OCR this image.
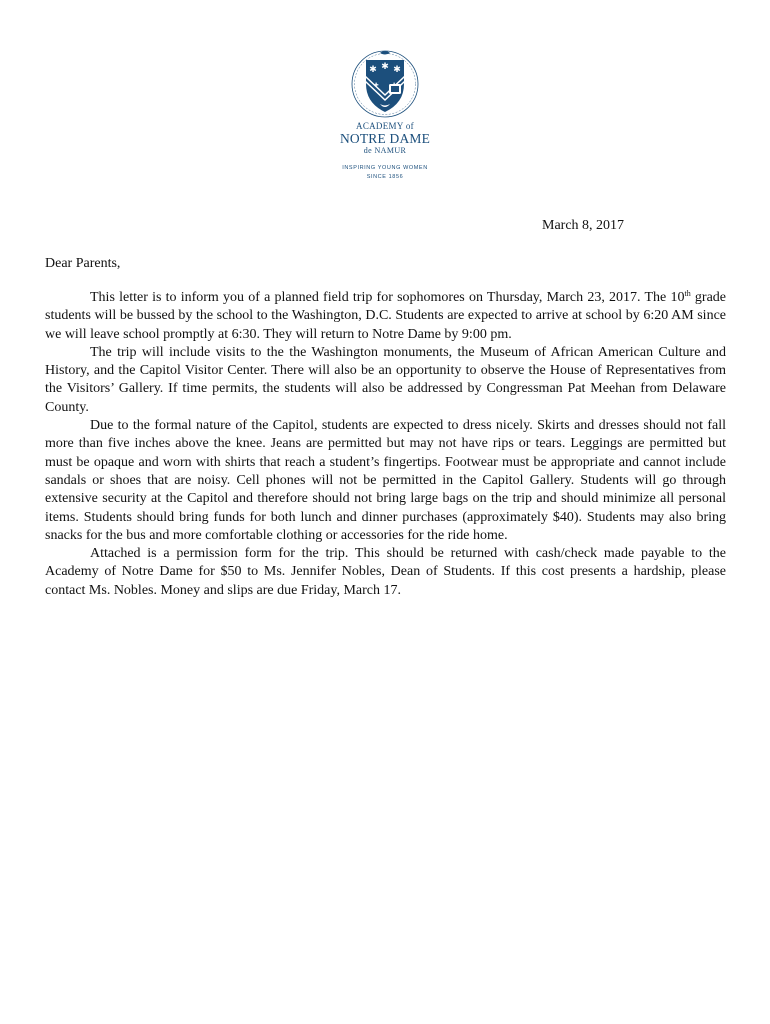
✱ ✱ ✱
✚
ACADEMY of
NOTRE DAME
de NAMUR
INSPIRING YOUNG WOMEN
SINCE 1856
March 8, 2017
Dear Parents,

This letter is to inform you of a planned field trip for sophomores on Thursday, March 23, 2017. The 10th grade students will be bussed by the school to the Washington, D.C. Students are expected to arrive at school by 6:20 AM since we will leave school promptly at 6:30. They will return to Notre Dame by 9:00 pm.

The trip will include visits to the the Washington monuments, the Museum of African American Culture and History, and the Capitol Visitor Center. There will also be an opportunity to observe the House of Representatives from the Visitors’ Gallery. If time permits, the students will also be addressed by Congressman Pat Meehan from Delaware County.

Due to the formal nature of the Capitol, students are expected to dress nicely. Skirts and dresses should not fall more than five inches above the knee. Jeans are permitted but may not have rips or tears. Leggings are permitted but must be opaque and worn with shirts that reach a student’s fingertips. Footwear must be appropriate and cannot include sandals or shoes that are noisy. Cell phones will not be permitted in the Capitol Gallery. Students will go through extensive security at the Capitol and therefore should not bring large bags on the trip and should minimize all personal items. Students should bring funds for both lunch and dinner purchases (approximately $40). Students may also bring snacks for the bus and more comfortable clothing or accessories for the ride home.

Attached is a permission form for the trip. This should be returned with cash/check made payable to the Academy of Notre Dame for $50 to Ms. Jennifer Nobles, Dean of Students. If this cost presents a hardship, please contact Ms. Nobles. Money and slips are due Friday, March 17.
